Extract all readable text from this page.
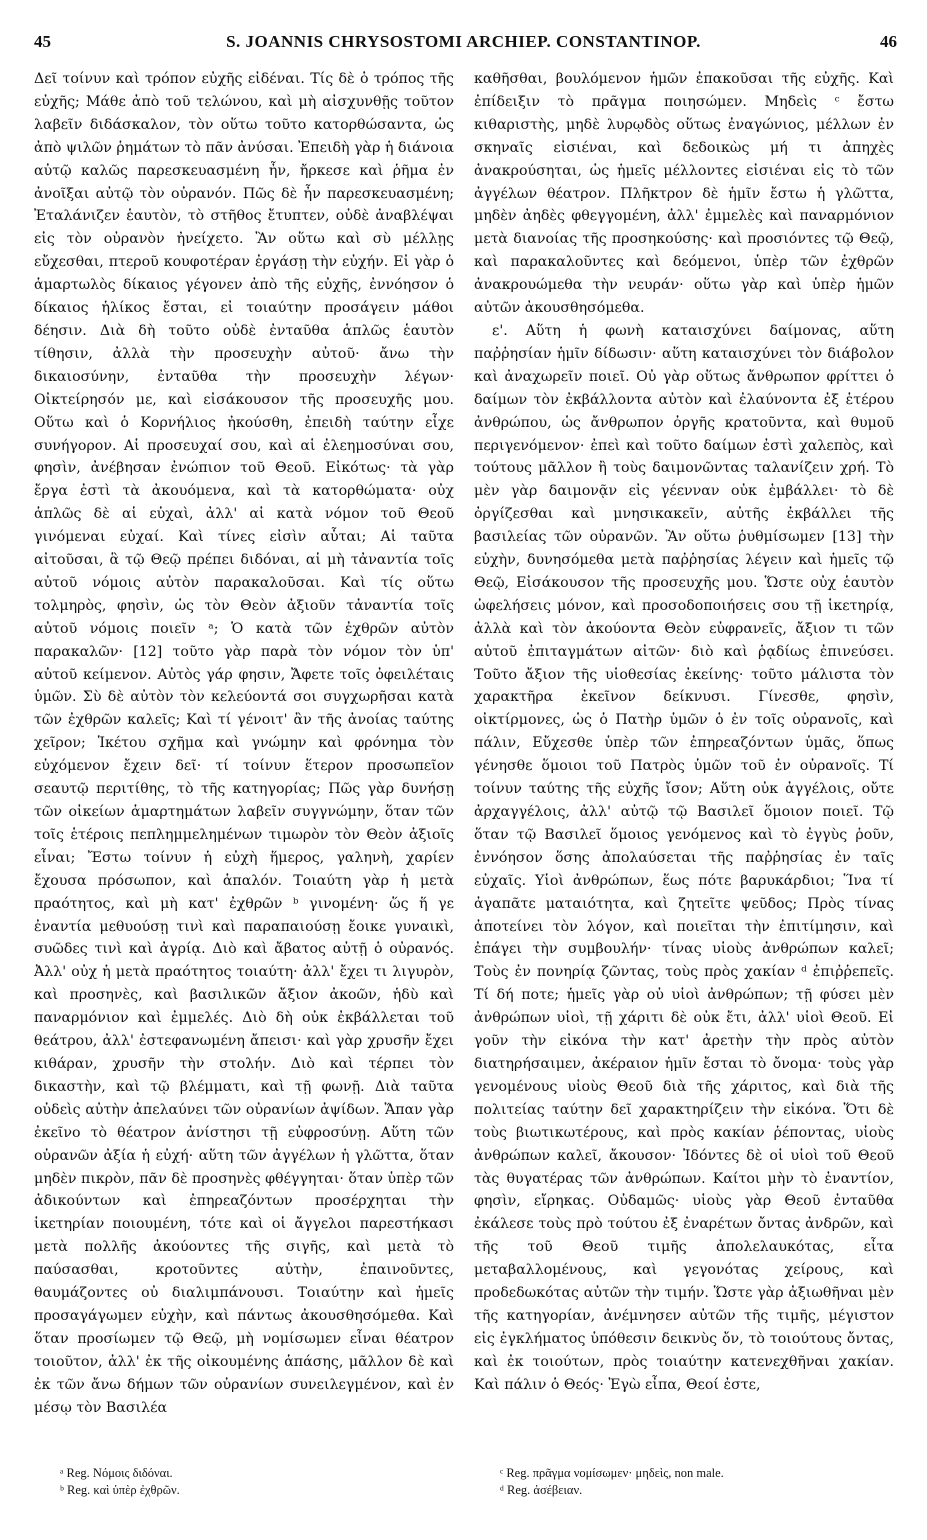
45	S. JOANNIS CHRYSOSTOMI ARCHIEP. CONSTANTINOP.	46

Δεῖ τοίνυν καὶ τρόπον εὐχῆς εἰδέναι. Τίς δὲ ὁ τρόπος τῆς εὐχῆς; Μάθε ἀπὸ τοῦ τελώνου, καὶ μὴ αἰσχυνθῇς τοῦτον λαβεῖν διδάσκαλον, τὸν οὕτω τοῦτο κατορθώσαντα, ὡς ἀπὸ ψιλῶν ῥημάτων τὸ πᾶν ἀνύσαι. Ἐπειδὴ γὰρ ἡ διάνοια αὐτῷ καλῶς παρεσκευασμένη ἦν, ἤρκεσε καὶ ῥῆμα ἐν ἀνοῖξαι αὐτῷ τὸν οὐρανόν. Πῶς δὲ ἦν παρεσκευασμένη; Ἐταλάνιζεν ἑαυτὸν, τὸ στῆθος ἔτυπτεν, οὐδὲ ἀναβλέψαι εἰς τὸν οὐρανὸν ἠνείχετο. Ἂν οὕτω καὶ σὺ μέλλῃς εὔχεσθαι, πτεροῦ κουφοτέραν ἐργάσῃ τὴν εὐχήν. Εἰ γὰρ ὁ ἁμαρτωλὸς δίκαιος γέγονεν ἀπὸ τῆς εὐχῆς, ἐννόησον ὁ δίκαιος ἡλίκος ἔσται, εἰ τοιαύτην προσάγειν μάθοι δέησιν. Διὰ δὴ τοῦτο οὐδὲ ἐνταῦθα ἁπλῶς ἑαυτὸν τίθησιν, ἀλλὰ τὴν προσευχὴν αὐτοῦ· ἄνω τὴν δικαιοσύνην, ἐνταῦθα τὴν προσευχὴν λέγων· Οἰκτείρησόν με, καὶ εἰσάκουσον τῆς προσευχῆς μου. Οὕτω καὶ ὁ Κορνήλιος ἠκούσθη, ἐπειδὴ ταύτην εἶχε συνήγορον. Αἱ προσευχαί σου, καὶ αἱ ἐλεημοσύναι σου, φησὶν, ἀνέβησαν ἐνώπιον τοῦ Θεοῦ. Εἰκότως· τὰ γὰρ ἔργα ἐστὶ τὰ ἀκουόμενα, καὶ τὰ κατορθώματα· οὐχ ἁπλῶς δὲ αἱ εὐχαὶ, ἀλλ' αἱ κατὰ νόμον τοῦ Θεοῦ γινόμεναι εὐχαί. Καὶ τίνες εἰσὶν αὗται; Αἱ ταῦτα αἰτοῦσαι, ἃ τῷ Θεῷ πρέπει διδόναι, αἱ μὴ τἀναντία τοῖς αὐτοῦ νόμοις αὐτὸν παρακαλοῦσαι. Καὶ τίς οὕτω τολμηρὸς, φησὶν, ὡς τὸν Θεὸν ἀξιοῦν τἀναντία τοῖς αὐτοῦ νόμοις ποιεῖν ᵃ; Ὁ κατὰ τῶν ἐχθρῶν αὐτὸν παρακαλῶν· [12] τοῦτο γὰρ παρὰ τὸν νόμον τὸν ὑπ' αὐτοῦ κείμενον. Αὐτὸς γάρ φησιν, Ἄφετε τοῖς ὀφειλέταις ὑμῶν. Σὺ δὲ αὐτὸν τὸν κελεύοντά σοι συγχωρῆσαι κατὰ τῶν ἐχθρῶν καλεῖς; Καὶ τί γένοιτ' ἂν τῆς ἀνοίας ταύτης χεῖρον; Ἱκέτου σχῆμα καὶ γνώμην καὶ φρόνημα τὸν εὐχόμενον ἔχειν δεῖ· τί τοίνυν ἕτερον προσωπεῖον σεαυτῷ περιτίθης, τὸ τῆς κατηγορίας; Πῶς γὰρ δυνήσῃ τῶν οἰκείων ἁμαρτημάτων λαβεῖν συγγνώμην, ὅταν τῶν τοῖς ἑτέροις πεπλημμελημένων τιμωρὸν τὸν Θεὸν ἀξιοῖς εἶναι; Ἔστω τοίνυν ἡ εὐχὴ ἥμερος, γαληνὴ, χαρίεν ἔχουσα πρόσωπον, καὶ ἁπαλόν. Τοιαύτη γὰρ ἡ μετὰ πραότητος, καὶ μὴ κατ' ἐχθρῶν ᵇ γινομένη· ὥς ἥ γε ἐναντία μεθυούσῃ τινὶ καὶ παραπαιούσῃ ἔοικε γυναικὶ, συῶδες τινὶ καὶ ἀγρίᾳ. Διὸ καὶ ἄβατος αὐτῇ ὁ οὐρανός. Ἀλλ' οὐχ ἡ μετὰ πραότητος τοιαύτη· ἀλλ' ἔχει τι λιγυρὸν, καὶ προσηνὲς, καὶ βασιλικῶν ἄξιον ἀκοῶν, ἡδὺ καὶ παναρμόνιον καὶ ἐμμελές. Διὸ δὴ οὐκ ἐκβάλλεται τοῦ θεάτρου, ἀλλ' ἐστεφανωμένη ἄπεισι· καὶ γὰρ χρυσῆν ἔχει κιθάραν, χρυσῆν τὴν στολήν. Διὸ καὶ τέρπει τὸν δικαστὴν, καὶ τῷ βλέμματι, καὶ τῇ φωνῇ. Διὰ ταῦτα οὐδεὶς αὐτὴν ἀπελαύνει τῶν οὐρανίων ἀψίδων. Ἅπαν γὰρ ἐκεῖνο τὸ θέατρον ἀνίστησι τῇ εὐφροσύνῃ. Αὕτη τῶν οὐρανῶν ἀξία ἡ εὐχή· αὕτη τῶν ἀγγέλων ἡ γλῶττα, ὅταν μηδὲν πικρὸν, πᾶν δὲ προσηνὲς φθέγγηται· ὅταν ὑπὲρ τῶν ἀδικούντων καὶ ἐπηρεαζόντων προσέρχηται τὴν ἱκετηρίαν ποιουμένη, τότε καὶ οἱ ἄγγελοι παρεστήκασι μετὰ πολλῆς ἀκούοντες τῆς σιγῆς, καὶ μετὰ τὸ παύσασθαι, κροτοῦντες αὐτὴν, ἐπαινοῦντες, θαυμάζοντες οὐ διαλιμπάνουσι. Τοιαύτην καὶ ἡμεῖς προσαγάγωμεν εὐχὴν, καὶ πάντως ἀκουσθησόμεθα. Καὶ ὅταν προσίωμεν τῷ Θεῷ, μὴ νομίσωμεν εἶναι θέατρον τοιοῦτον, ἀλλ' ἐκ τῆς οἰκουμένης ἁπάσης, μᾶλλον δὲ καὶ ἐκ τῶν ἄνω δήμων τῶν οὐρανίων συνειλεγμένον, καὶ ἐν μέσῳ τὸν Βασιλέα

καθῆσθαι, βουλόμενον ἡμῶν ἐπακοῦσαι τῆς εὐχῆς. Καὶ ἐπίδειξιν τὸ πρᾶγμα ποιησώμεν. Μηδεὶς ᶜ ἔστω κιθαριστὴς, μηδὲ λυρῳδὸς οὕτως ἐναγώνιος, μέλλων ἐν σκηναῖς εἰσιέναι, καὶ δεδοικὼς μή τι ἀπηχὲς ἀνακρούσηται, ὡς ἡμεῖς μέλλοντες εἰσιέναι εἰς τὸ τῶν ἀγγέλων θέατρον. Πλῆκτρον δὲ ἡμῖν ἔστω ἡ γλῶττα, μηδὲν ἀηδὲς φθεγγομένη, ἀλλ' ἐμμελὲς καὶ παναρμόνιον μετὰ διανοίας τῆς προσηκούσης· καὶ προσιόντες τῷ Θεῷ, καὶ παρακαλοῦντες καὶ δεόμενοι, ὑπὲρ τῶν ἐχθρῶν ἀνακρουώμεθα τὴν νευράν· οὕτω γὰρ καὶ ὑπὲρ ἡμῶν αὐτῶν ἀκουσθησόμεθα.

ε'. Αὕτη ἡ φωνὴ καταισχύνει δαίμονας, αὕτη παῤῥησίαν ἡμῖν δίδωσιν· αὕτη καταισχύνει τὸν διάβολον καὶ ἀναχωρεῖν ποιεῖ. Οὐ γὰρ οὕτως ἄνθρωπον φρίττει ὁ δαίμων τὸν ἐκβάλλοντα αὐτὸν καὶ ἐλαύνοντα ἐξ ἑτέρου ἀνθρώπου, ὡς ἄνθρωπον ὀργῆς κρατοῦντα, καὶ θυμοῦ περιγενόμενον· ἐπεὶ καὶ τοῦτο δαίμων ἐστὶ χαλεπὸς, καὶ τούτους μᾶλλον ἢ τοὺς δαιμονῶντας ταλανίζειν χρή. Τὸ μὲν γὰρ δαιμονᾷν εἰς γέενναν οὐκ ἐμβάλλει· τὸ δὲ ὀργίζεσθαι καὶ μνησικακεῖν, αὐτῆς ἐκβάλλει τῆς βασιλείας τῶν οὐρανῶν. Ἂν οὕτω ῥυθμίσωμεν [13] τὴν εὐχὴν, δυνησόμεθα μετὰ παῤῥησίας λέγειν καὶ ἡμεῖς τῷ Θεῷ, Εἰσάκουσον τῆς προσευχῆς μου. Ὥστε οὐχ ἑαυτὸν ὠφελήσεις μόνον, καὶ προσοδοποιήσεις σου τῇ ἱκετηρίᾳ, ἀλλὰ καὶ τὸν ἀκούοντα Θεὸν εὐφρανεῖς, ἄξιον τι τῶν αὐτοῦ ἐπιταγμάτων αἰτῶν· διὸ καὶ ῥᾳδίως ἐπινεύσει. Τοῦτο ἄξιον τῆς υἱοθεσίας ἐκείνης· τοῦτο μάλιστα τὸν χαρακτῆρα ἐκεῖνον δείκνυσι. Γίνεσθε, φησὶν, οἰκτίρμονες, ὡς ὁ Πατὴρ ὑμῶν ὁ ἐν τοῖς οὐρανοῖς, καὶ πάλιν, Εὔχεσθε ὑπὲρ τῶν ἐπηρεαζόντων ὑμᾶς, ὅπως γένησθε ὅμοιοι τοῦ Πατρὸς ὑμῶν τοῦ ἐν οὐρανοῖς. Τί τοίνυν ταύτης τῆς εὐχῆς ἴσον; Αὕτη οὐκ ἀγγέλοις, οὔτε ἀρχαγγέλοις, ἀλλ' αὐτῷ τῷ Βασιλεῖ ὅμοιον ποιεῖ. Τῷ ὅταν τῷ Βασιλεῖ ὅμοιος γενόμενος καὶ τὸ ἐγγὺς ῥοῦν, ἐννόησον ὅσης ἀπολαύσεται τῆς παῤῥησίας ἐν ταῖς εὐχαῖς. Υἱοὶ ἀνθρώπων, ἕως πότε βαρυκάρδιοι; Ἵνα τί ἀγαπᾶτε ματαιότητα, καὶ ζητεῖτε ψεῦδος; Πρὸς τίνας ἀποτείνει τὸν λόγον, καὶ ποιεῖται τὴν ἐπιτίμησιν, καὶ ἐπάγει τὴν συμβουλήν· τίνας υἱοὺς ἀνθρώπων καλεῖ; Τοὺς ἐν πονηρίᾳ ζῶντας, τοὺς πρὸς χακίαν ᵈ ἐπιῤῥεπεῖς. Τί δή ποτε; ἡμεῖς γὰρ οὐ υἱοὶ ἀνθρώπων; τῇ φύσει μὲν ἀνθρώπων υἱοὶ, τῇ χάριτι δὲ οὐκ ἔτι, ἀλλ' υἱοὶ Θεοῦ. Εἰ γοῦν τὴν εἰκόνα τὴν κατ' ἀρετὴν τὴν πρὸς αὐτὸν διατηρήσαιμεν, ἀκέραιον ἡμῖν ἔσται τὸ ὄνομα· τοὺς γὰρ γενομένους υἱοὺς Θεοῦ διὰ τῆς χάριτος, καὶ διὰ τῆς πολιτείας ταύτην δεῖ χαρακτηρίζειν τὴν εἰκόνα. Ὅτι δὲ τοὺς βιωτικωτέρους, καὶ πρὸς κακίαν ῥέποντας, υἱοὺς ἀνθρώπων καλεῖ, ἄκουσον· Ἰδόντες δὲ οἱ υἱοὶ τοῦ Θεοῦ τὰς θυγατέρας τῶν ἀνθρώπων. Καίτοι μὴν τὸ ἐναντίον, φησὶν, εἴρηκας. Οὐδαμῶς· υἱοὺς γὰρ Θεοῦ ἐνταῦθα ἐκάλεσε τοὺς πρὸ τούτου ἐξ ἐναρέτων ὄντας ἀνδρῶν, καὶ τῆς τοῦ Θεοῦ τιμῆς ἀπολελαυκότας, εἶτα μεταβαλλομένους, καὶ γεγονότας χείρους, καὶ προδεδωκότας αὐτῶν τὴν τιμήν. Ὥστε γὰρ ἀξιωθῆναι μὲν τῆς κατηγορίαν, ἀνέμνησεν αὐτῶν τῆς τιμῆς, μέγιστον εἰς ἐγκλήματος ὑπόθεσιν δεικνὺς ὄν, τὸ τοιούτους ὄντας, καὶ ἐκ τοιούτων, πρὸς τοιαύτην κατενεχθῆναι χακίαν. Καὶ πάλιν ὁ Θεός· Ἐγὼ εἶπα, Θεοί ἐστε,

ᵃ Reg. Νόμοις διδόναι.
ᵇ Reg. καὶ ὑπὲρ ἐχθρῶν.
ᶜ Reg. πρᾶγμα νομίσωμεν· μηδεὶς, non male.
ᵈ Reg. ἀσέβειαν.
